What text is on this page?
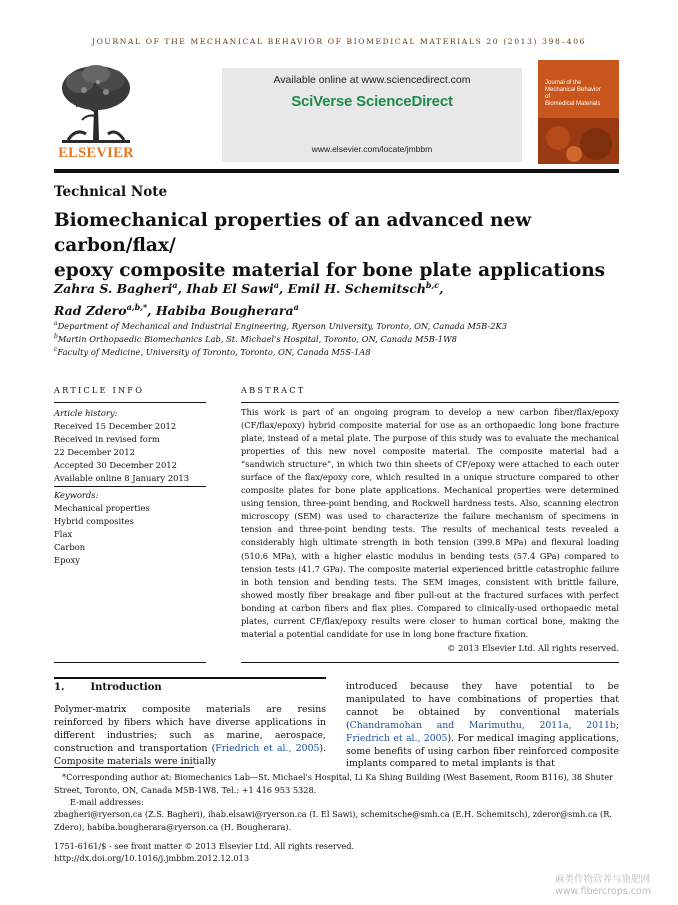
JOURNAL OF THE MECHANICAL BEHAVIOR OF BIOMEDICAL MATERIALS 20 (2013) 398–406
ELSEVIER
Available online at www.sciencedirect.com
SciVerse ScienceDirect
www.elsevier.com/locate/jmbbm
Journal of the
Mechanical Behavior of
Biomedical Materials
Technical Note
Biomechanical properties of an advanced new carbon/flax/
epoxy composite material for bone plate applications
Zahra S. Bagheri$^a$, Ihab El Sawi$^a$, Emil H. Schemitsch$^{b,c}$,
Rad Zdero$^{a,b,*}$, Habiba Bougherara$^a$
$^a$Department of Mechanical and Industrial Engineering, Ryerson University, Toronto, ON, Canada M5B-2K3
$^b$Martin Orthopaedic Biomechanics Lab, St. Michael's Hospital, Toronto, ON, Canada M5B-1W8
$^c$Faculty of Medicine, University of Toronto, Toronto, ON, Canada M5S-1A8
ARTICLE INFO
Article history:
Received 15 December 2012
Received in revised form
22 December 2012
Accepted 30 December 2012
Available online 8 January 2013
Keywords:
Mechanical properties
Hybrid composites
Flax
Carbon
Epoxy
ABSTRACT
This work is part of an ongoing program to develop a new carbon fiber/flax/epoxy (CF/flax/epoxy) hybrid composite material for use as an orthopaedic long bone fracture plate, instead of a metal plate. The purpose of this study was to evaluate the mechanical properties of this new novel composite material. The composite material had a “sandwich structure”, in which two thin sheets of CF/epoxy were attached to each outer surface of the flax/epoxy core, which resulted in a unique structure compared to other composite plates for bone plate applications. Mechanical properties were determined using tension, three-point bending, and Rockwell hardness tests. Also, scanning electron microscopy (SEM) was used to characterize the failure mechanism of specimens in tension and three-point bending tests. The results of mechanical tests revealed a considerably high ultimate strength in both tension (399.8 MPa) and flexural loading (510.6 MPa), with a higher elastic modulus in bending tests (57.4 GPa) compared to tension tests (41.7 GPa). The composite material experienced brittle catastrophic failure in both tension and bending tests. The SEM images, consistent with brittle failure, showed mostly fiber breakage and fiber pull-out at the fractured surfaces with perfect bonding at carbon fibers and flax plies. Compared to clinically-used orthopaedic metal plates, current CF/flax/epoxy results were closer to human cortical bone, making the material a potential candidate for use in long bone fracture fixation.
© 2013 Elsevier Ltd. All rights reserved.
1.	Introduction
Polymer-matrix composite materials are resins reinforced by fibers which have diverse applications in different industries; such as marine, aerospace, construction and transportation (Friedrich et al., 2005). Composite materials were initially
introduced because they have potential to be manipulated to have combinations of properties that cannot be obtained by conventional materials (Chandramohan and Marimuthu, 2011a, 2011b; Friedrich et al., 2005). For medical imaging applications, some benefits of using carbon fiber reinforced composite implants compared to metal implants is that
*Corresponding author at: Biomechanics Lab—St. Michael's Hospital, Li Ka Shing Building (West Basement, Room B116), 38 Shuter Street, Toronto, ON, Canada M5B-1W8. Tel.: +1 416 953 5328.
E-mail addresses:
zbagheri@ryerson.ca (Z.S. Bagheri), ihab.elsawi@ryerson.ca (I. El Sawi), schemitsche@smh.ca (E.H. Schemitsch), zderor@smh.ca (R. Zdero), habiba.bougherara@ryerson.ca (H. Bougherara).
1751-6161/$ - see front matter © 2013 Elsevier Ltd. All rights reserved.
http://dx.doi.org/10.1016/j.jmbbm.2012.12.013
麻类作物营养与施肥网
www.fibercrops.com
